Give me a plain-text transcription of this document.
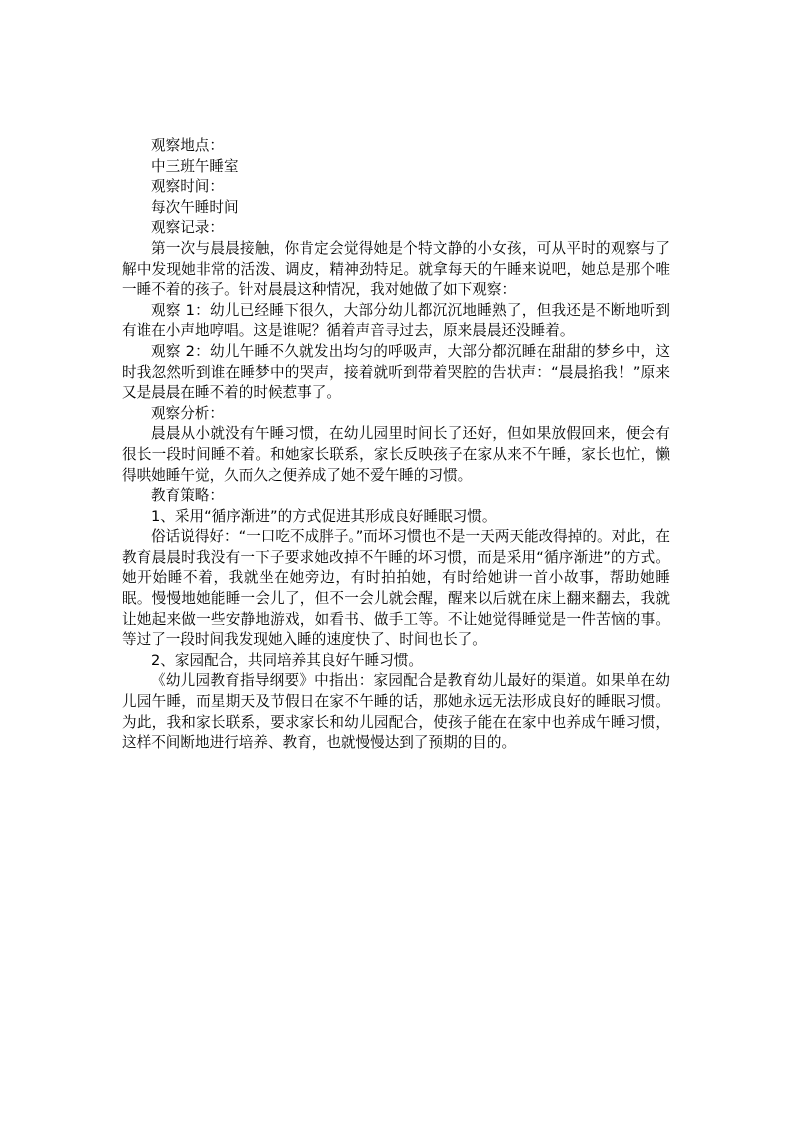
观察地点：

中三班午睡室

观察时间：

每次午睡时间

观察记录：

第一次与晨晨接触，你肯定会觉得她是个特文静的小女孩，可从平时的观察与了解中发现她非常的活泼、调皮，精神劲特足。就拿每天的午睡来说吧，她总是那个唯一睡不着的孩子。针对晨晨这种情况，我对她做了如下观察：

观察 1：幼儿已经睡下很久，大部分幼儿都沉沉地睡熟了，但我还是不断地听到有谁在小声地哼唱。这是谁呢？循着声音寻过去，原来晨晨还没睡着。

观察 2：幼儿午睡不久就发出均匀的呼吸声，大部分都沉睡在甜甜的梦乡中，这时我忽然听到谁在睡梦中的哭声，接着就听到带着哭腔的告状声：“晨晨掐我！”原来又是晨晨在睡不着的时候惹事了。

观察分析：

晨晨从小就没有午睡习惯，在幼儿园里时间长了还好，但如果放假回来，便会有很长一段时间睡不着。和她家长联系，家长反映孩子在家从来不午睡，家长也忙，懒得哄她睡午觉，久而久之便养成了她不爱午睡的习惯。

教育策略：

1、采用“循序渐进”的方式促进其形成良好睡眠习惯。

俗话说得好：“一口吃不成胖子。”而坏习惯也不是一天两天能改得掉的。对此，在教育晨晨时我没有一下子要求她改掉不午睡的坏习惯，而是采用“循序渐进”的方式。她开始睡不着，我就坐在她旁边，有时拍拍她，有时给她讲一首小故事，帮助她睡眠。慢慢地她能睡一会儿了，但不一会儿就会醒，醒来以后就在床上翻来翻去，我就让她起来做一些安静地游戏，如看书、做手工等。不让她觉得睡觉是一件苦恼的事。等过了一段时间我发现她入睡的速度快了、时间也长了。

2、家园配合，共同培养其良好午睡习惯。

《幼儿园教育指导纲要》中指出：家园配合是教育幼儿最好的渠道。如果单在幼儿园午睡，而星期天及节假日在家不午睡的话，那她永远无法形成良好的睡眠习惯。为此，我和家长联系，要求家长和幼儿园配合，使孩子能在在家中也养成午睡习惯，这样不间断地进行培养、教育，也就慢慢达到了预期的目的。
